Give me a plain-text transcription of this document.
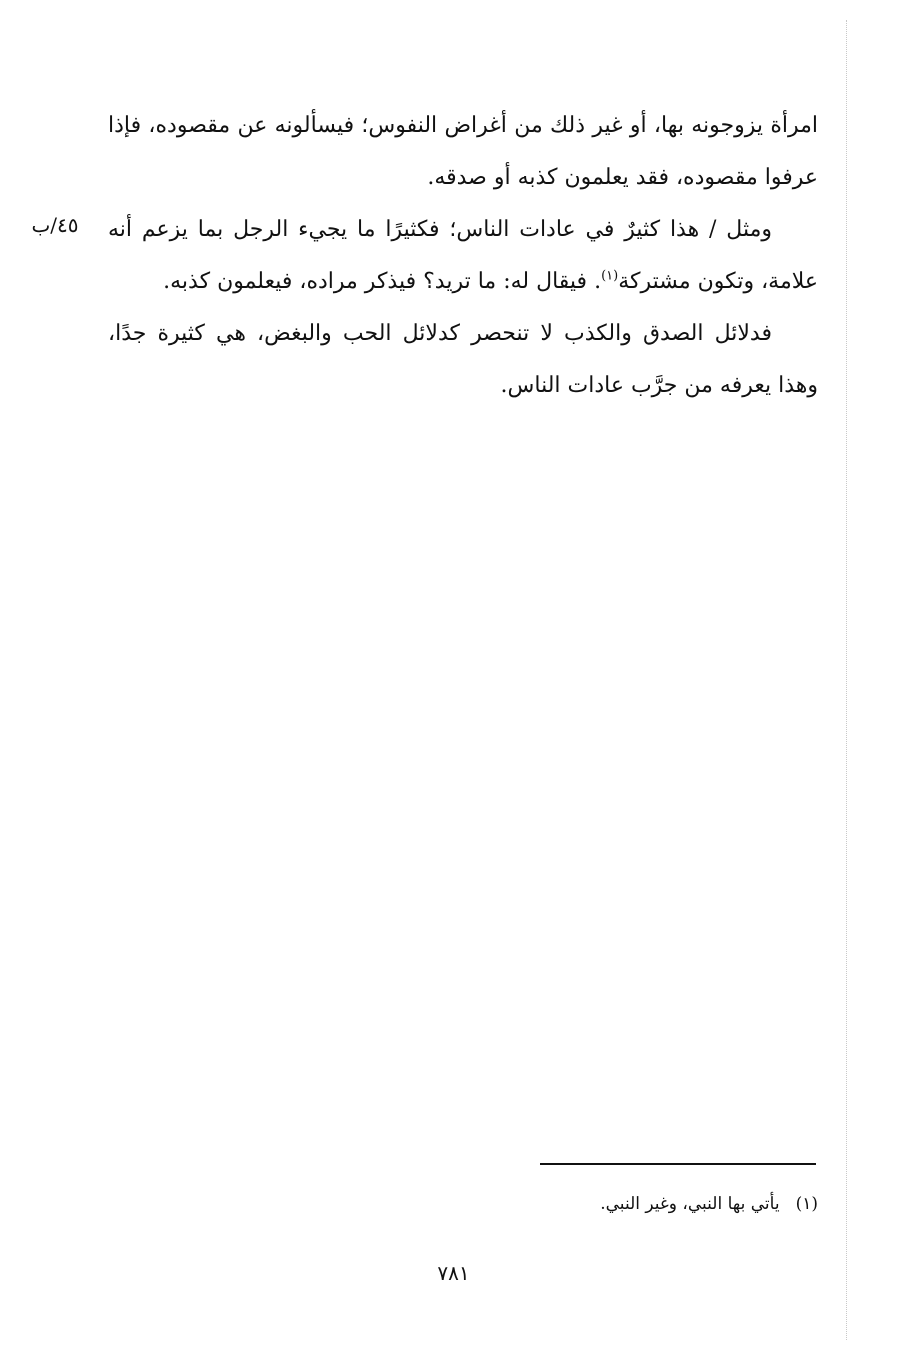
٤٥/ب

امرأة يزوجونه بها، أو غير ذلك من أغراض النفوس؛ فيسألونه عن مقصوده، فإذا عرفوا مقصوده، فقد يعلمون كذبه أو صدقه.

ومثل / هذا كثيرٌ في عادات الناس؛ فكثيرًا ما يجيء الرجل بما يزعم أنه علامة، وتكون مشتركة$^{(١)}$. فيقال له: ما تريد؟ فيذكر مراده، فيعلمون كذبه.

فدلائل الصدق والكذب لا تنحصر كدلائل الحب والبغض، هي كثيرة جدًا، وهذا يعرفه من جرَّب عادات الناس.

(١)يأتي بها النبي، وغير النبي.
٧٨١
